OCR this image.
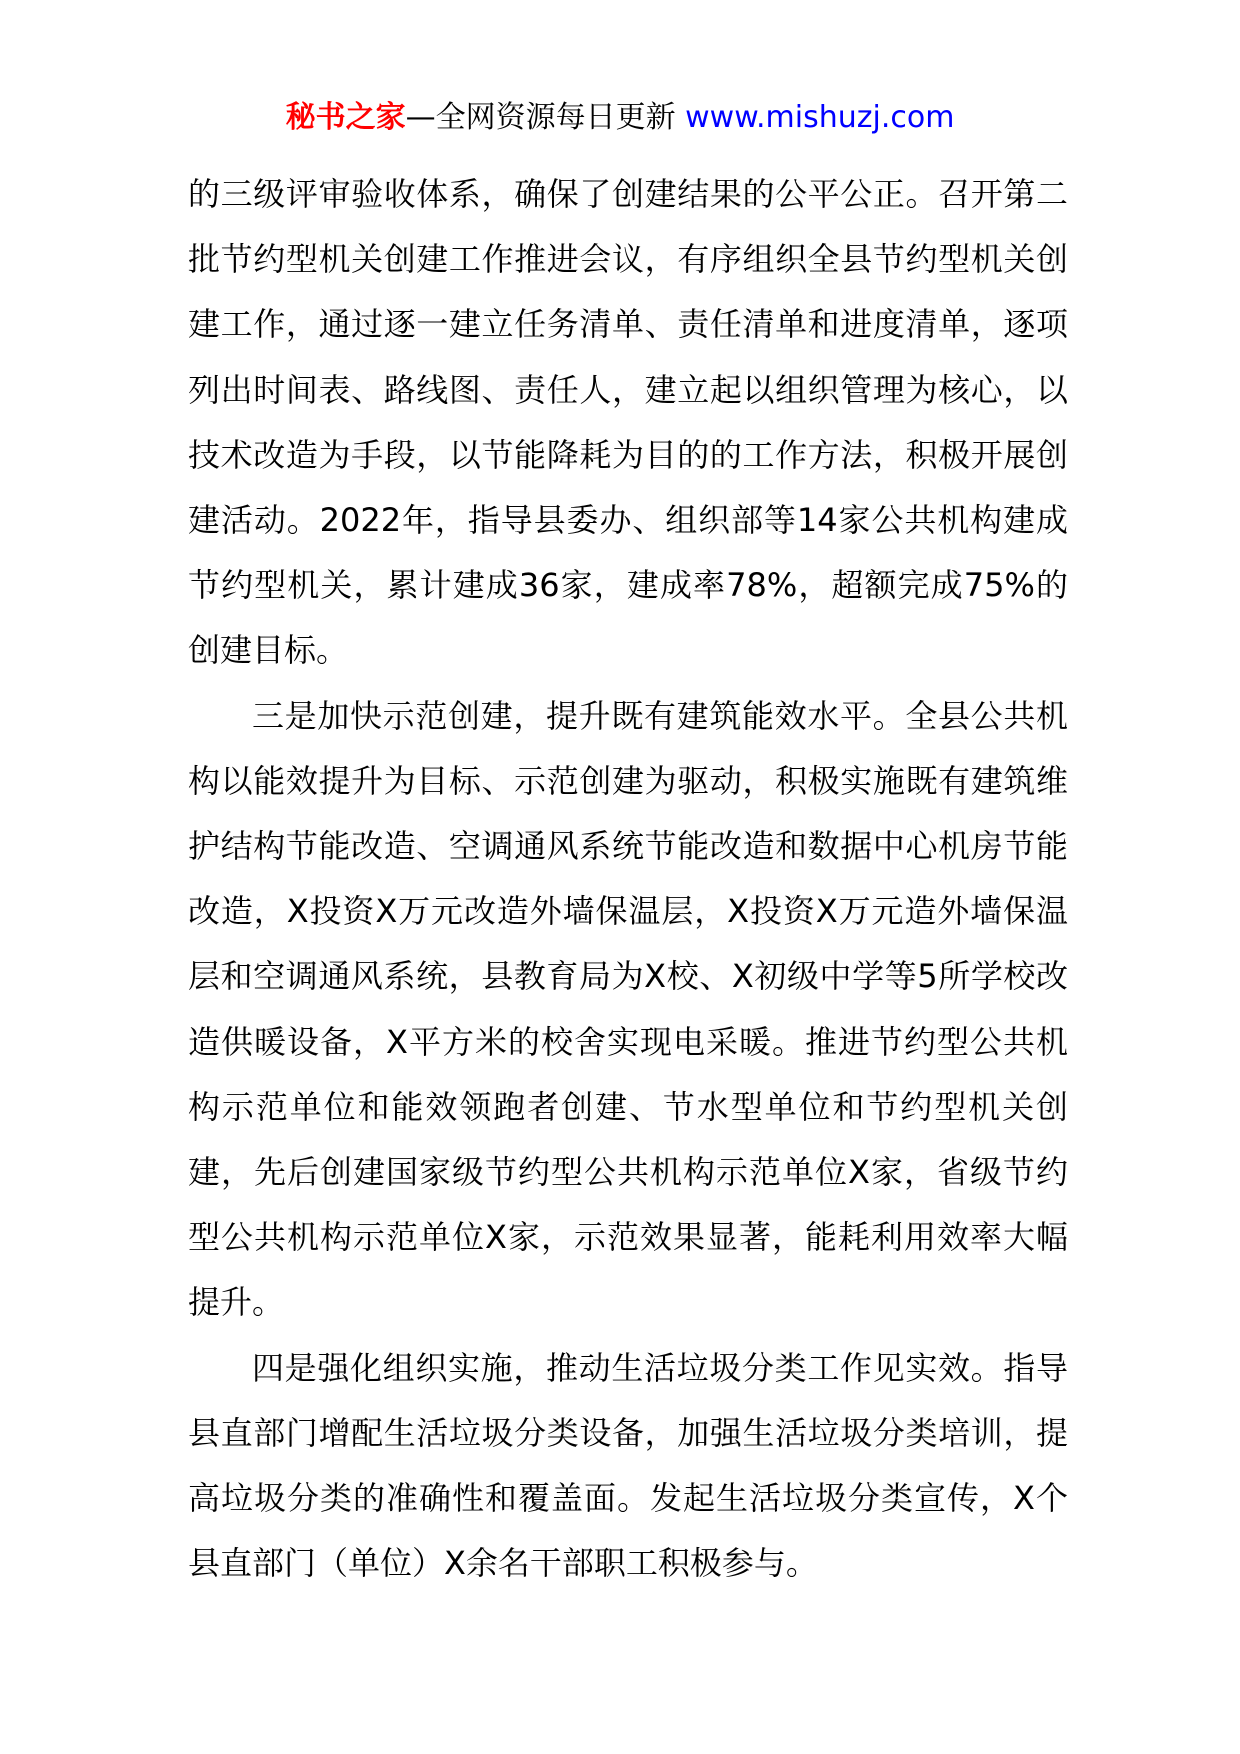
秘书之家—全网资源每日更新 www.mishuzj.com

的三级评审验收体系，确保了创建结果的公平公正。召开第二批节约型机关创建工作推进会议，有序组织全县节约型机关创建工作，通过逐一建立任务清单、责任清单和进度清单，逐项列出时间表、路线图、责任人，建立起以组织管理为核心，以技术改造为手段，以节能降耗为目的的工作方法，积极开展创建活动。2022年，指导县委办、组织部等14家公共机构建成节约型机关，累计建成36家，建成率78%，超额完成75%的创建目标。

三是加快示范创建，提升既有建筑能效水平。全县公共机构以能效提升为目标、示范创建为驱动，积极实施既有建筑维护结构节能改造、空调通风系统节能改造和数据中心机房节能改造，X投资X万元改造外墙保温层，X投资X万元造外墙保温层和空调通风系统，县教育局为X校、X初级中学等5所学校改造供暖设备，X平方米的校舍实现电采暖。推进节约型公共机构示范单位和能效领跑者创建、节水型单位和节约型机关创建，先后创建国家级节约型公共机构示范单位X家，省级节约型公共机构示范单位X家，示范效果显著，能耗利用效率大幅提升。

四是强化组织实施，推动生活垃圾分类工作见实效。指导县直部门增配生活垃圾分类设备，加强生活垃圾分类培训，提高垃圾分类的准确性和覆盖面。发起生活垃圾分类宣传，X个县直部门（单位）X余名干部职工积极参与。
